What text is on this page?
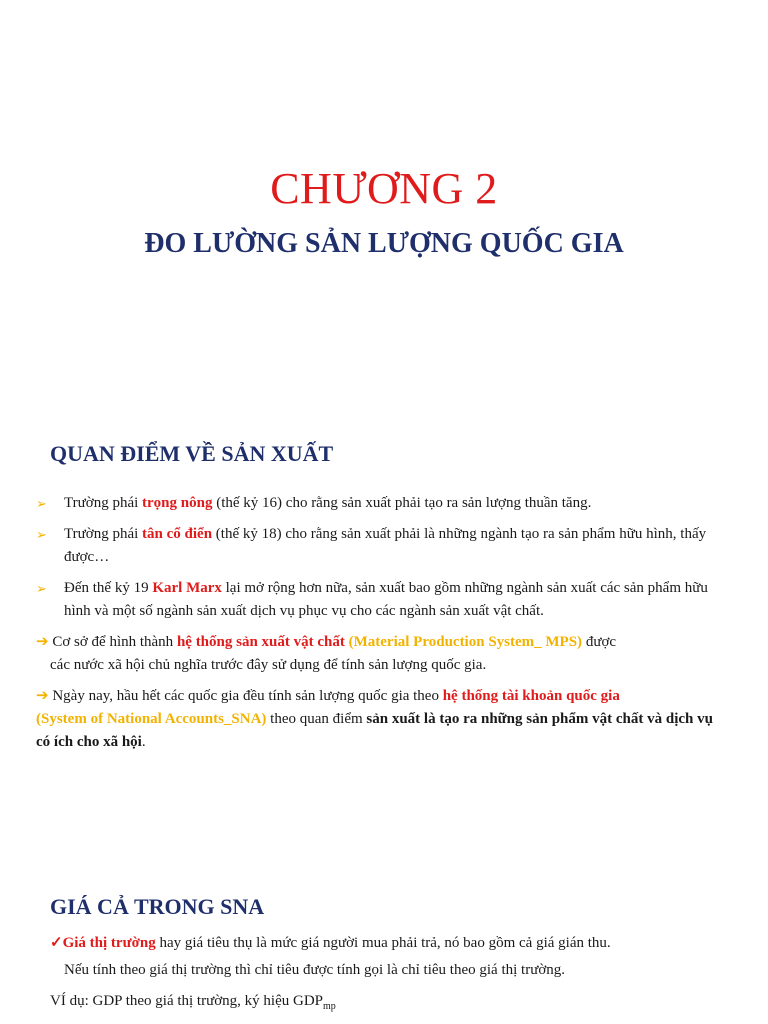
CHƯƠNG 2
ĐO LƯỜNG SẢN LƯỢNG QUỐC GIA
QUAN ĐIỂM VỀ SẢN XUẤT
➢	Trường phái trọng nông (thế kỷ 16) cho rằng sản xuất phải tạo ra sản lượng thuần tăng.
➢	Trường phái tân cổ điển (thế kỷ 18) cho rằng sản xuất phải là những ngành tạo ra sản phẩm hữu hình, thấy được…
➢	Đến thế kỷ 19 Karl Marx lại mở rộng hơn nữa, sản xuất bao gồm những ngành sản xuất các sản phẩm hữu hình và một số ngành sản xuất dịch vụ phục vụ cho các ngành sản xuất vật chất.
➔ Cơ sở để hình thành hệ thống sản xuất vật chất (Material Production System_ MPS) được
các nước xã hội chủ nghĩa trước đây sử dụng để tính sản lượng quốc gia.
➔ Ngày nay, hầu hết các quốc gia đều tính sản lượng quốc gia theo hệ thống tài khoản quốc gia
(System of National Accounts_SNA) theo quan điểm sản xuất là tạo ra những sản phẩm vật chất và dịch vụ có ích cho xã hội.
GIÁ CẢ TRONG SNA
✓Giá thị trường hay giá tiêu thụ là mức giá người mua phải trả, nó bao gồm cả giá gián thu.
Nếu tính theo giá thị trường thì chỉ tiêu được tính gọi là chỉ tiêu theo giá thị trường.
VÍ dụ: GDP theo giá thị trường, ký hiệu $GDP_{mp}$
